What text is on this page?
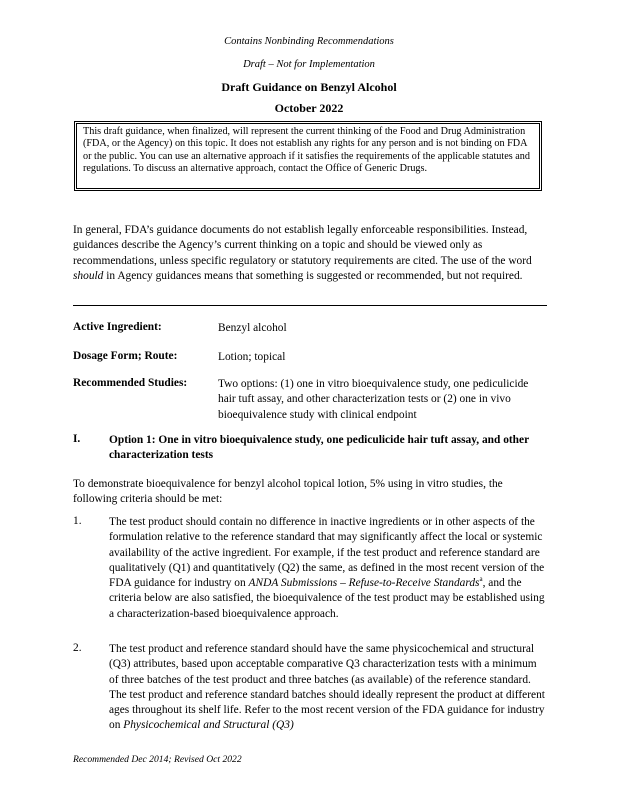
Contains Nonbinding Recommendations
Draft – Not for Implementation
Draft Guidance on Benzyl Alcohol
October 2022
This draft guidance, when finalized, will represent the current thinking of the Food and Drug Administration (FDA, or the Agency) on this topic. It does not establish any rights for any person and is not binding on FDA or the public. You can use an alternative approach if it satisfies the requirements of the applicable statutes and regulations. To discuss an alternative approach, contact the Office of Generic Drugs.
In general, FDA’s guidance documents do not establish legally enforceable responsibilities. Instead, guidances describe the Agency’s current thinking on a topic and should be viewed only as recommendations, unless specific regulatory or statutory requirements are cited. The use of the word should in Agency guidances means that something is suggested or recommended, but not required.
Active Ingredient:	Benzyl alcohol
Dosage Form; Route:	Lotion; topical
Recommended Studies:	Two options: (1) one in vitro bioequivalence study, one pediculicide hair tuft assay, and other characterization tests or (2) one in vivo bioequivalence study with clinical endpoint
I.	Option 1: One in vitro bioequivalence study, one pediculicide hair tuft assay, and other characterization tests
To demonstrate bioequivalence for benzyl alcohol topical lotion, 5% using in vitro studies, the following criteria should be met:
1. The test product should contain no difference in inactive ingredients or in other aspects of the formulation relative to the reference standard that may significantly affect the local or systemic availability of the active ingredient. For example, if the test product and reference standard are qualitatively (Q1) and quantitatively (Q2) the same, as defined in the most recent version of the FDA guidance for industry on ANDA Submissions – Refuse-to-Receive Standards$^a$, and the criteria below are also satisfied, the bioequivalence of the test product may be established using a characterization-based bioequivalence approach.
2. The test product and reference standard should have the same physicochemical and structural (Q3) attributes, based upon acceptable comparative Q3 characterization tests with a minimum of three batches of the test product and three batches (as available) of the reference standard. The test product and reference standard batches should ideally represent the product at different ages throughout its shelf life. Refer to the most recent version of the FDA guidance for industry on Physicochemical and Structural (Q3)
Recommended Dec 2014; Revised Oct 2022
